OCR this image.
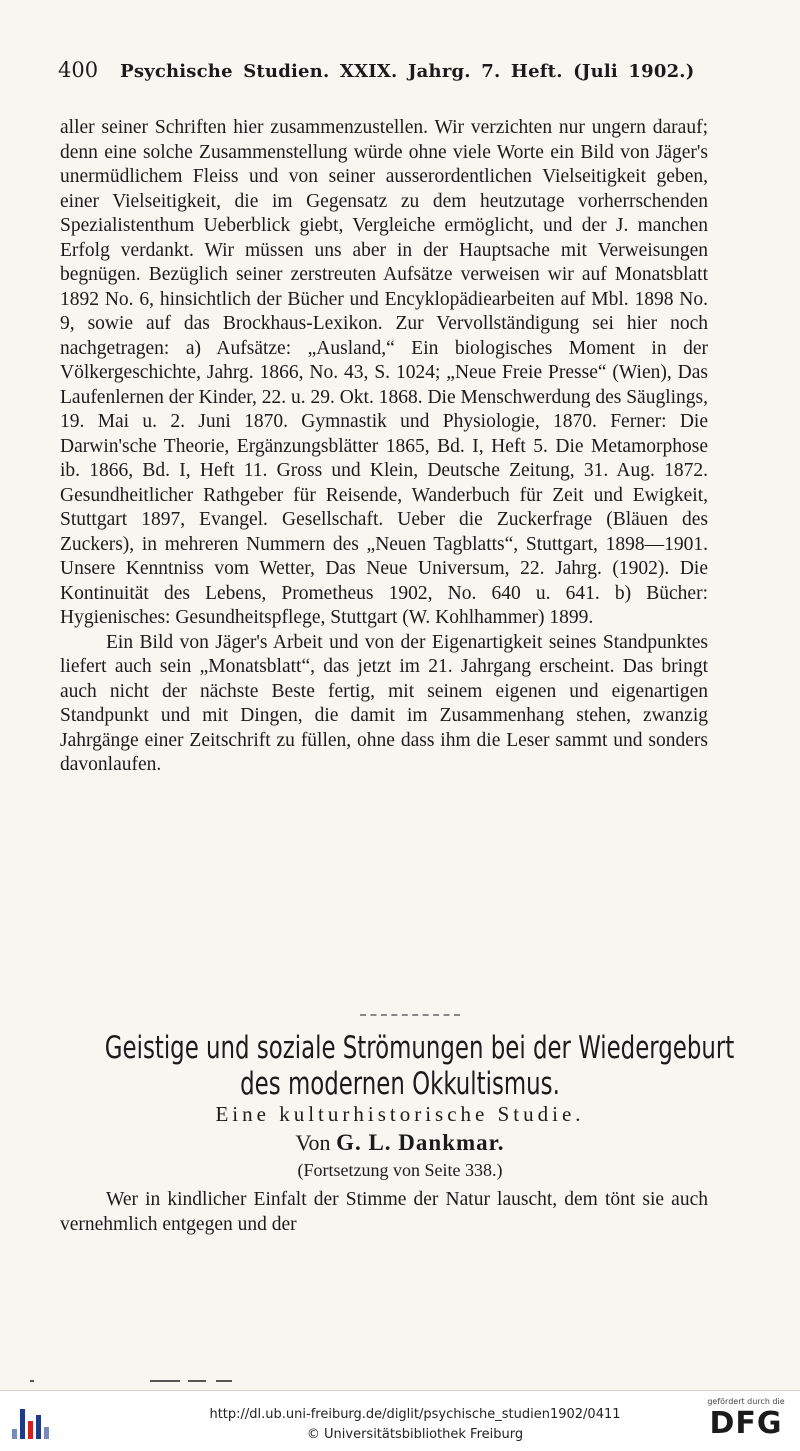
400 Psychische Studien. XXIX. Jahrg. 7. Heft. (Juli 1902.)

aller seiner Schriften hier zusammenzustellen. Wir verzichten nur ungern darauf; denn eine solche Zusammenstellung würde ohne viele Worte ein Bild von Jäger's unermüdlichem Fleiss und von seiner ausserordentlichen Vielseitigkeit geben, einer Vielseitigkeit, die im Gegensatz zu dem heutzutage vorherrschenden Spezialistenthum Ueberblick giebt, Vergleiche ermöglicht, und der J. manchen Erfolg verdankt. Wir müssen uns aber in der Hauptsache mit Verweisungen begnügen. Bezüglich seiner zerstreuten Aufsätze verweisen wir auf Monatsblatt 1892 No. 6, hinsichtlich der Bücher und Encyklopädiearbeiten auf Mbl. 1898 No. 9, sowie auf das Brockhaus-Lexikon. Zur Vervollständigung sei hier noch nachgetragen: a) Aufsätze: „Ausland,“ Ein biologisches Moment in der Völkergeschichte, Jahrg. 1866, No. 43, S. 1024; „Neue Freie Presse“ (Wien), Das Laufenlernen der Kinder, 22. u. 29. Okt. 1868. Die Menschwerdung des Säuglings, 19. Mai u. 2. Juni 1870. Gymnastik und Physiologie, 1870. Ferner: Die Darwin'sche Theorie, Ergänzungsblätter 1865, Bd. I, Heft 5. Die Metamorphose ib. 1866, Bd. I, Heft 11. Gross und Klein, Deutsche Zeitung, 31. Aug. 1872. Gesundheitlicher Rathgeber für Reisende, Wanderbuch für Zeit und Ewigkeit, Stuttgart 1897, Evangel. Gesellschaft. Ueber die Zuckerfrage (Bläuen des Zuckers), in mehreren Nummern des „Neuen Tagblatts“, Stuttgart, 1898—1901. Unsere Kenntniss vom Wetter, Das Neue Universum, 22. Jahrg. (1902). Die Kontinuität des Lebens, Prometheus 1902, No. 640 u. 641. b) Bücher: Hygienisches: Gesundheitspflege, Stuttgart (W. Kohlhammer) 1899.

Ein Bild von Jäger's Arbeit und von der Eigenartigkeit seines Standpunktes liefert auch sein „Monatsblatt“, das jetzt im 21. Jahrgang erscheint. Das bringt auch nicht der nächste Beste fertig, mit seinem eigenen und eigenartigen Standpunkt und mit Dingen, die damit im Zusammenhang stehen, zwanzig Jahrgänge einer Zeitschrift zu füllen, ohne dass ihm die Leser sammt und sonders davonlaufen.

Geistige und soziale Strömungen bei der Wiedergeburt
des modernen Okkultismus.
Eine kulturhistorische Studie.
Von G. L. Dankmar.
(Fortsetzung von Seite 338.)

Wer in kindlicher Einfalt der Stimme der Natur lauscht, dem tönt sie auch vernehmlich entgegen und der

http://dl.ub.uni-freiburg.de/diglit/psychische_studien1902/0411
© Universitätsbibliothek Freiburg
gefördert durch die
DFG
